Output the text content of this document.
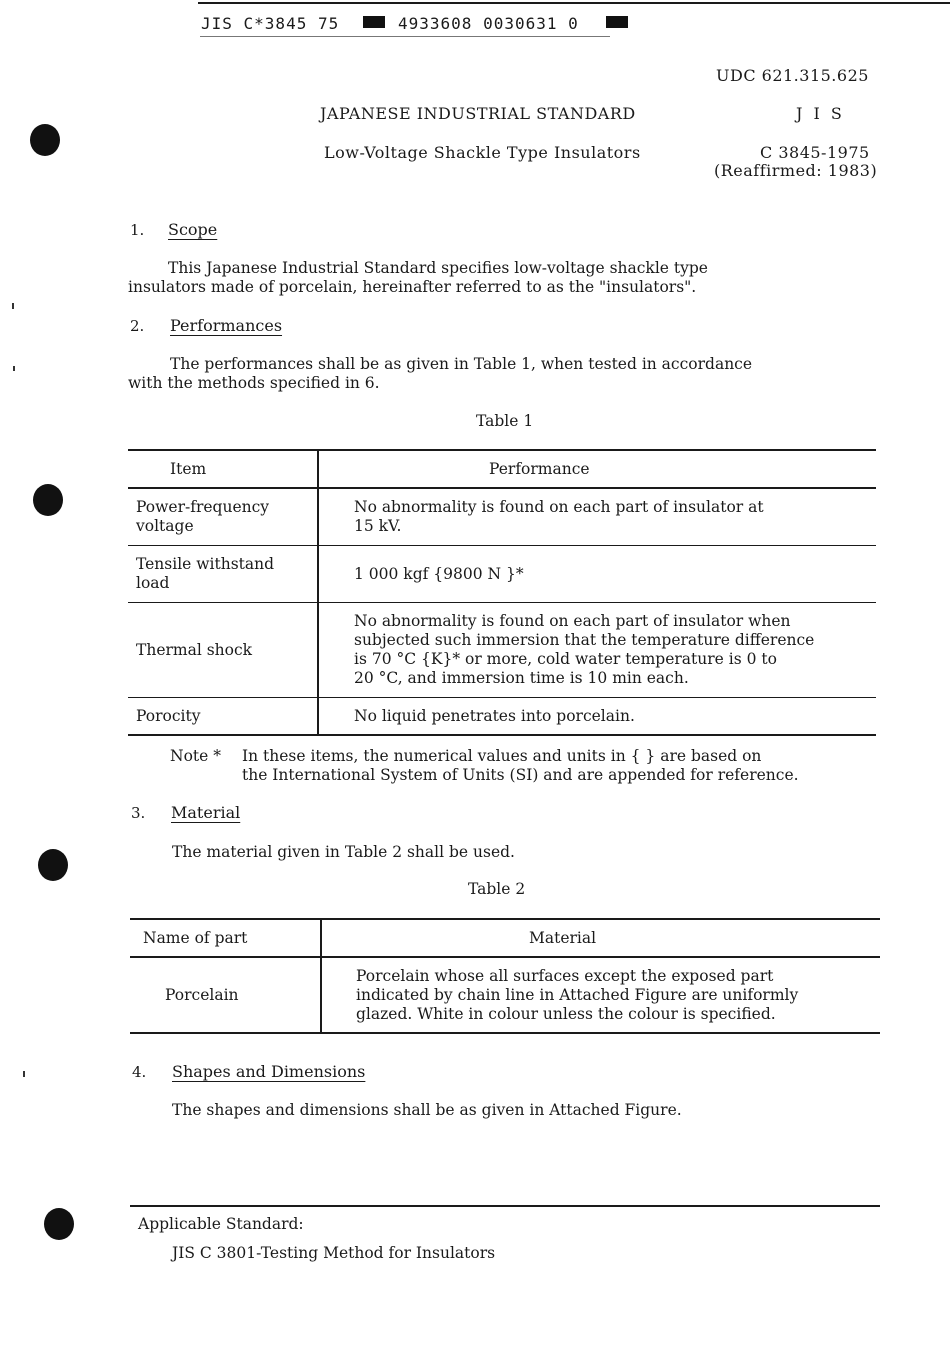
JIS C*3845 75	4933608 0030631 0
UDC 621.315.625
JAPANESE INDUSTRIAL STANDARD	J I S
Low-Voltage Shackle Type Insulators	C 3845-1975
(Reaffirmed: 1983)
1. Scope
This Japanese Industrial Standard specifies low-voltage shackle type
insulators made of porcelain, hereinafter referred to as the "insulators".
2. Performances
The performances shall be as given in Table 1, when tested in accordance
with the methods specified in 6.
Table 1
Item	Performance
Power-frequency
voltage	No abnormality is found on each part of insulator at
15 kV.
Tensile withstand
load	1 000 kgf {9800 N }*
Thermal shock	No abnormality is found on each part of insulator when
subjected such immersion that the temperature difference
is 70 °C {K}* or more, cold water temperature is 0 to
20 °C, and immersion time is 10 min each.
Porocity	No liquid penetrates into porcelain.
Note * In these items, the numerical values and units in { } are based on
the International System of Units (SI) and are appended for reference.
3. Material
The material given in Table 2 shall be used.
Table 2
Name of part	Material
Porcelain	Porcelain whose all surfaces except the exposed part
indicated by chain line in Attached Figure are uniformly
glazed. White in colour unless the colour is specified.
4. Shapes and Dimensions
The shapes and dimensions shall be as given in Attached Figure.
Applicable Standard:
JIS C 3801-Testing Method for Insulators
